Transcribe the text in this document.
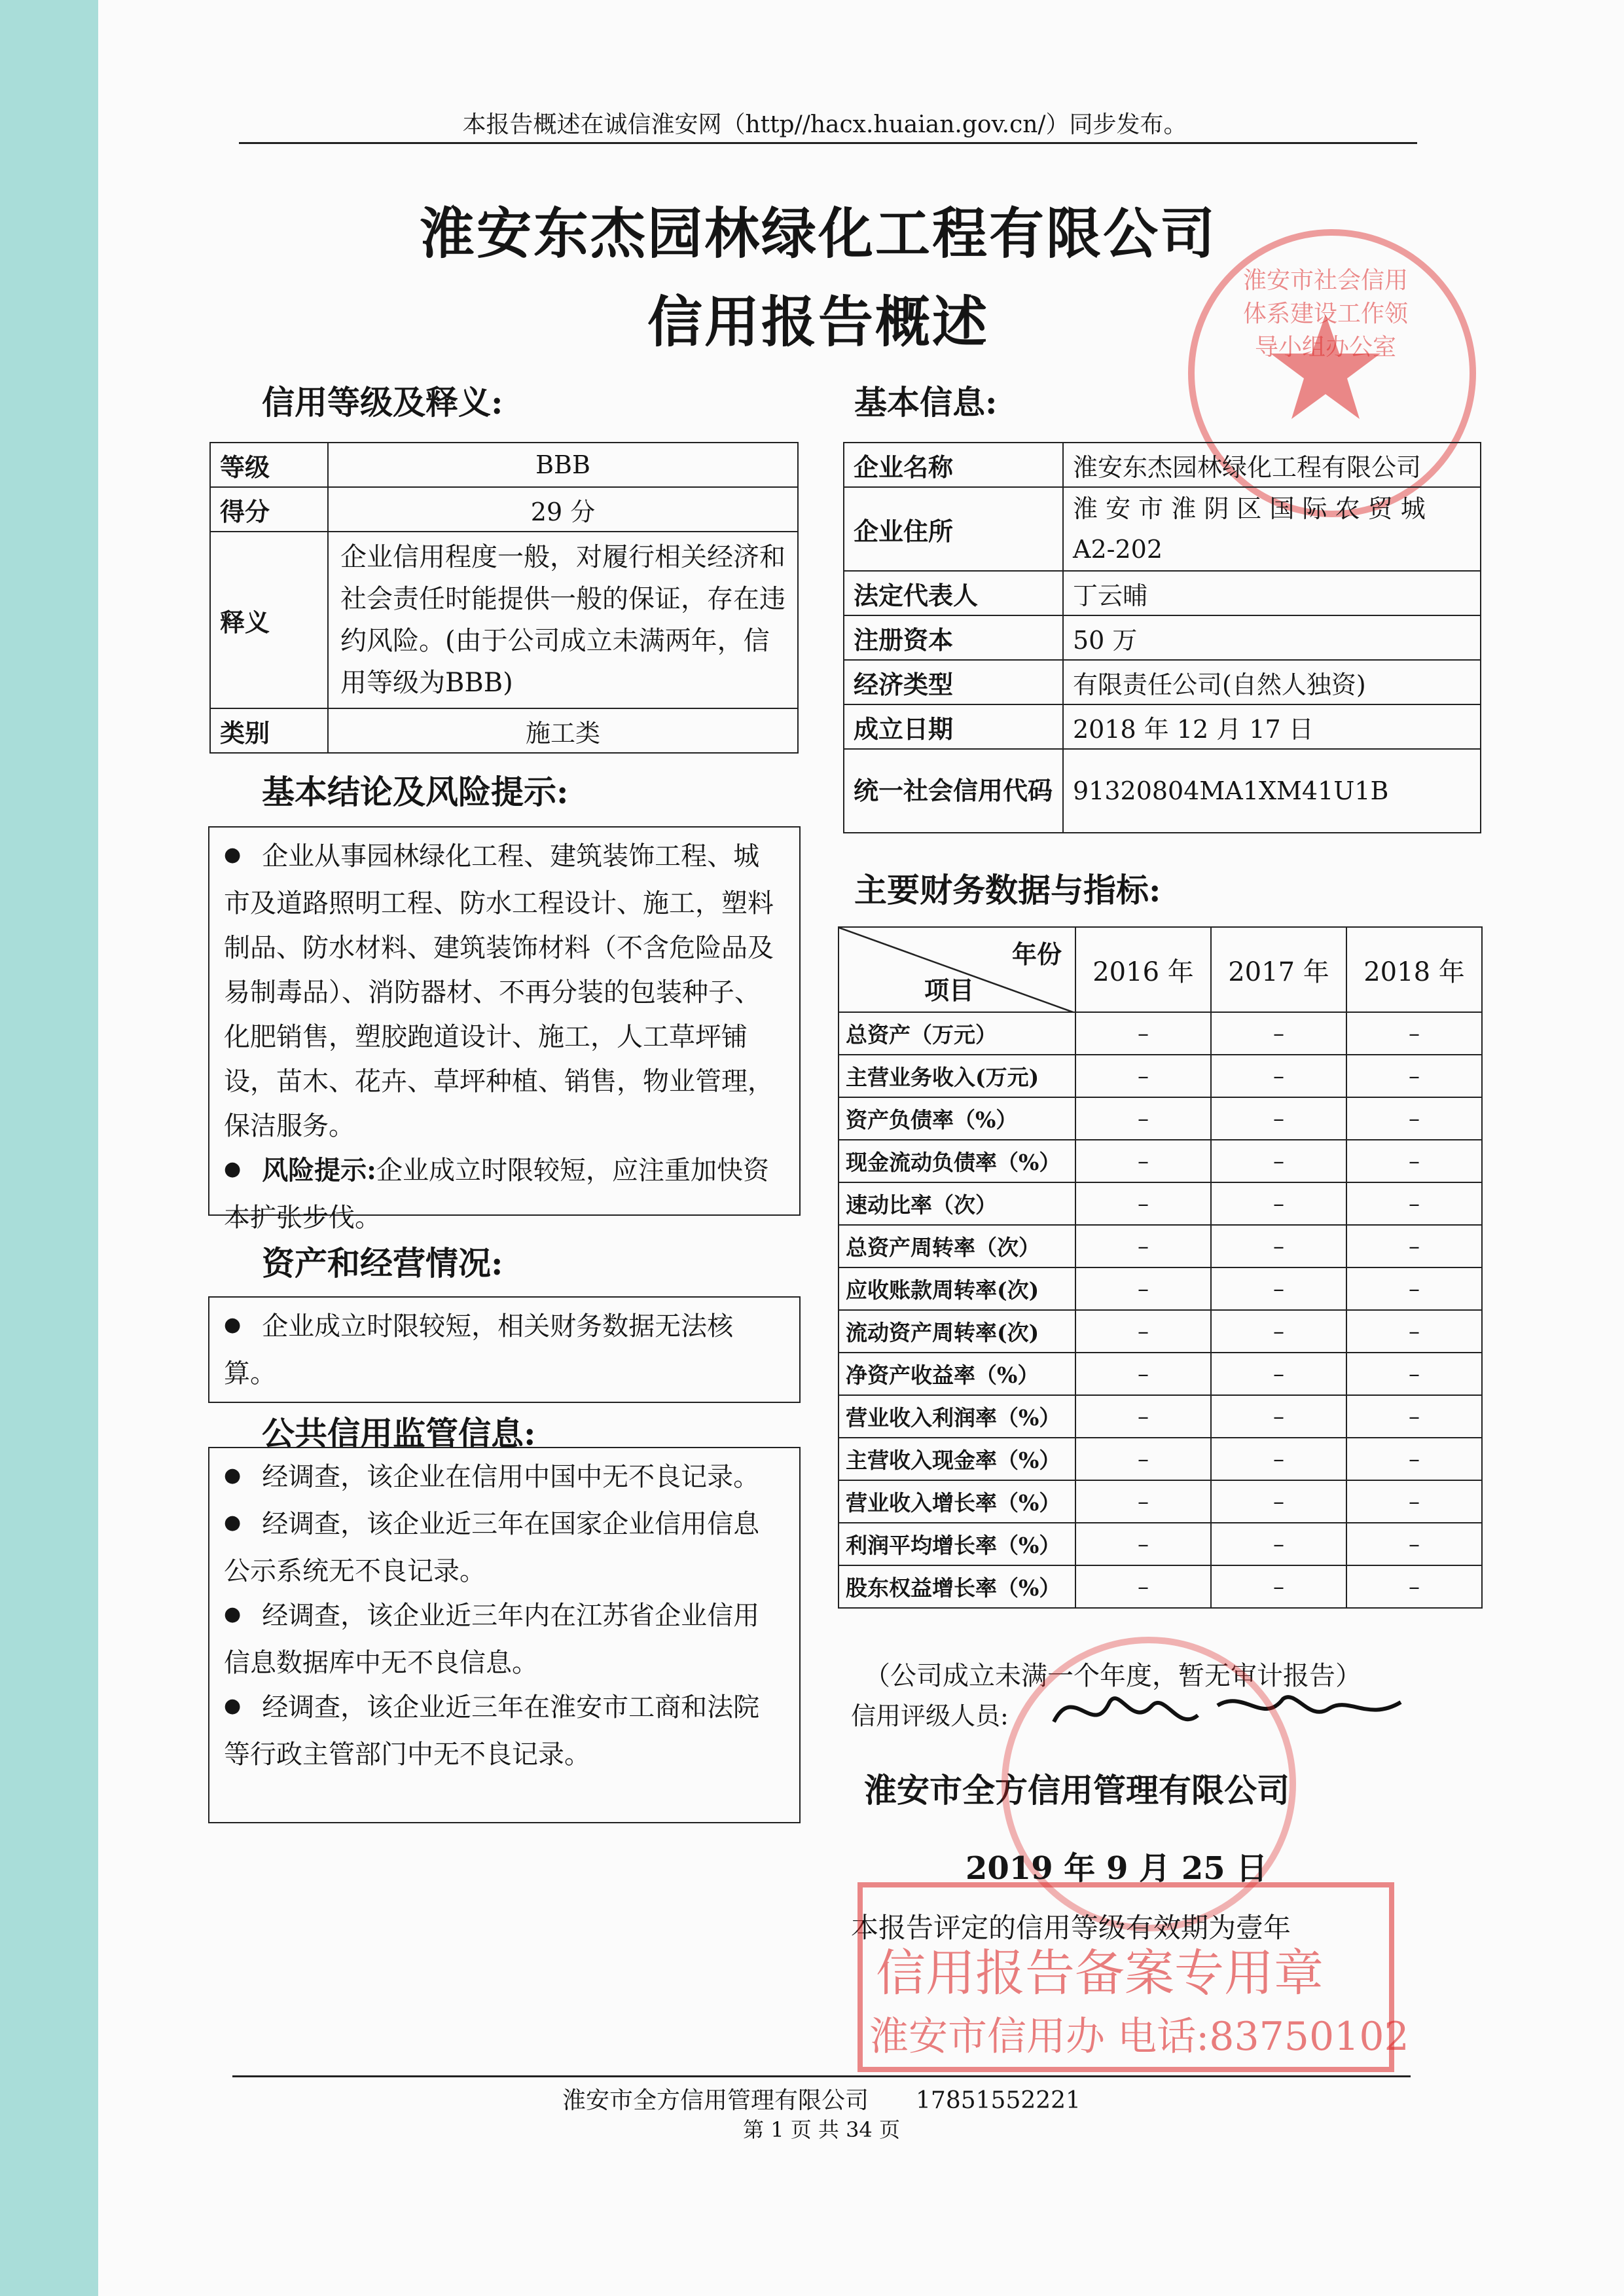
本报告概述在诚信淮安网（http//hacx.huaian.gov.cn/）同步发布。
淮安东杰园林绿化工程有限公司
信用报告概述
淮安市社会信用体系建设工作领导小组办公室
信用等级及释义:
等级	BBB
得分	29 分
释义	企业信用程度一般，对履行相关经济和社会责任时能提供一般的保证，存在违约风险。(由于公司成立未满两年，信用等级为BBB)
类别	施工类
基本结论及风险提示:
● 企业从事园林绿化工程、建筑装饰工程、城市及道路照明工程、防水工程设计、施工，塑料制品、防水材料、建筑装饰材料（不含危险品及易制毒品）、消防器材、不再分装的包装种子、化肥销售，塑胶跑道设计、施工，人工草坪铺设，苗木、花卉、草坪种植、销售，物业管理，保洁服务。
● 风险提示:企业成立时限较短，应注重加快资本扩张步伐。
资产和经营情况:
● 企业成立时限较短，相关财务数据无法核算。
公共信用监管信息:
● 经调查，该企业在信用中国中无不良记录。
● 经调查，该企业近三年在国家企业信用信息公示系统无不良记录。
● 经调查，该企业近三年内在江苏省企业信用信息数据库中无不良信息。
● 经调查，该企业近三年在淮安市工商和法院等行政主管部门中无不良记录。
基本信息:
企业名称	淮安东杰园林绿化工程有限公司
企业住所	淮 安 市 淮 阴 区 国 际 农 贸 城 A2-202
法定代表人	丁云晡
注册资本	50 万
经济类型	有限责任公司(自然人独资)
成立日期	2018 年 12 月 17 日
统一社会信用代码	91320804MA1XM41U1B
主要财务数据与指标:
年份
项目	2016 年	2017 年	2018 年
总资产（万元）	–	–	–
主营业务收入(万元)	–	–	–
资产负债率（%）	–	–	–
现金流动负债率（%）	–	–	–
速动比率（次）	–	–	–
总资产周转率（次）	–	–	–
应收账款周转率(次)	–	–	–
流动资产周转率(次)	–	–	–
净资产收益率（%）	–	–	–
营业收入利润率（%）	–	–	–
主营收入现金率（%）	–	–	–
营业收入增长率（%）	–	–	–
利润平均增长率（%）	–	–	–
股东权益增长率（%）	–	–	–
（公司成立未满一个年度，暂无审计报告）
信用评级人员:
淮安市全方信用管理有限公司
2019 年 9 月 25 日
本报告评定的信用等级有效期为壹年
信用报告备案专用章
淮安市信用办 电话:83750102
淮安市全方信用管理有限公司　　17851552221
第 1 页 共 34 页
